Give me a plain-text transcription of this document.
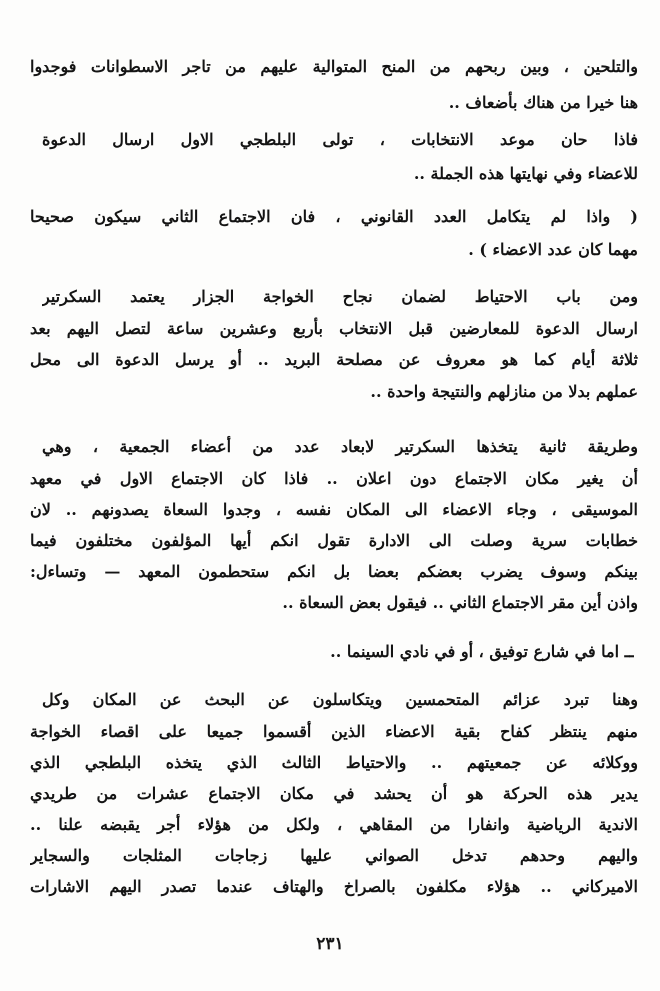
والتلحين ، وبين ربحهم من المنح المتوالية عليهم من تاجر الاسطوانات فوجدوا
هنا خيرا من هناك بأضعاف ..
فاذا حان موعد الانتخابات ، تولى البلطجي الاول ارسال الدعوة
للاعضاء وفي نهايتها هذه الجملة ..
( واذا لم يتكامل العدد القانوني ، فان الاجتماع الثاني سيكون صحيحا
مهما كان عدد الاعضاء ) .
ومن باب الاحتياط لضمان نجاح الخواجة الجزار يعتمد السكرتير
ارسال الدعوة للمعارضين قبل الانتخاب بأربع وعشرين ساعة لتصل اليهم بعد
ثلاثة أيام كما هو معروف عن مصلحة البريد .. أو يرسل الدعوة الى محل
عملهم بدلا من منازلهم والنتيجة واحدة ..
وطريقة ثانية يتخذها السكرتير لابعاد عدد من أعضاء الجمعية ، وهي
أن يغير مكان الاجتماع دون اعلان .. فاذا كان الاجتماع الاول في معهد
الموسيقى ، وجاء الاعضاء الى المكان نفسه ، وجدوا السعاة يصدونهم .. لان
خطابات سرية وصلت الى الادارة تقول انكم أيها المؤلفون مختلفون فيما
بينكم وسوف يضرب بعضكم بعضا بل انكم ستحطمون المعهد — وتساءل:
واذن أين مقر الاجتماع الثاني .. فيقول بعض السعاة ..
ــ اما في شارع توفيق ، أو في نادي السينما ..
وهنا تبرد عزائم المتحمسين ويتكاسلون عن البحث عن المكان وكل
منهم ينتظر كفاح بقية الاعضاء الذين أقسموا جميعا على اقصاء الخواجة
ووكلائه عن جمعيتهم .. والاحتياط الثالث الذي يتخذه البلطجي الذي
يدير هذه الحركة هو أن يحشد في مكان الاجتماع عشرات من طريدي
الاندية الرياضية وانفارا من المقاهي ، ولكل من هؤلاء أجر يقبضه علنا ..
واليهم وحدهم تدخل الصواني عليها زجاجات المثلجات والسجاير
الاميركاني .. هؤلاء مكلفون بالصراخ والهتاف عندما تصدر اليهم الاشارات
٢٣١
